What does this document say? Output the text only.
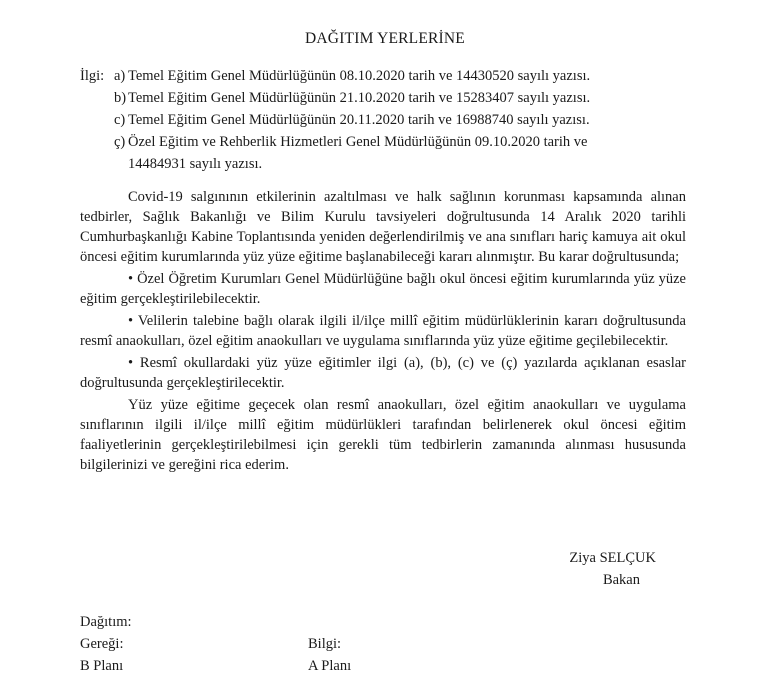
DAĞITIM YERLERİNE
İlgi: a) Temel Eğitim Genel Müdürlüğünün 08.10.2020 tarih ve 14430520 sayılı yazısı.
b) Temel Eğitim Genel Müdürlüğünün 21.10.2020 tarih ve 15283407 sayılı yazısı.
c) Temel Eğitim Genel Müdürlüğünün 20.11.2020 tarih ve 16988740 sayılı yazısı.
ç) Özel Eğitim ve Rehberlik Hizmetleri Genel Müdürlüğünün 09.10.2020 tarih ve
14484931 sayılı yazısı.

Covid-19 salgınının etkilerinin azaltılması ve halk sağlının korunması kapsamında alınan tedbirler, Sağlık Bakanlığı ve Bilim Kurulu tavsiyeleri doğrultusunda 14 Aralık 2020 tarihli Cumhurbaşkanlığı Kabine Toplantısında yeniden değerlendirilmiş ve ana sınıfları hariç kamuya ait okul öncesi eğitim kurumlarında yüz yüze eğitime başlanabileceği kararı alınmıştır. Bu karar doğrultusunda;

• Özel Öğretim Kurumları Genel Müdürlüğüne bağlı okul öncesi eğitim kurumlarında yüz yüze eğitim gerçekleştirilebilecektir.

• Velilerin talebine bağlı olarak ilgili il/ilçe millî eğitim müdürlüklerinin kararı doğrultusunda resmî anaokulları, özel eğitim anaokulları ve uygulama sınıflarında yüz yüze eğitime geçilebilecektir.

• Resmî okullardaki yüz yüze eğitimler ilgi (a), (b), (c) ve (ç) yazılarda açıklanan esaslar doğrultusunda gerçekleştirilecektir.

Yüz yüze eğitime geçecek olan resmî anaokulları, özel eğitim anaokulları ve uygulama sınıflarının ilgili il/ilçe millî eğitim müdürlükleri tarafından belirlenerek okul öncesi eğitim faaliyetlerinin gerçekleştirilebilmesi için gerekli tüm tedbirlerin zamanında alınması hususunda bilgilerinizi ve gereğini rica ederim.

Ziya SELÇUK
Bakan
Dağıtım:
Gereği:	Bilgi:
B Planı	A Planı
